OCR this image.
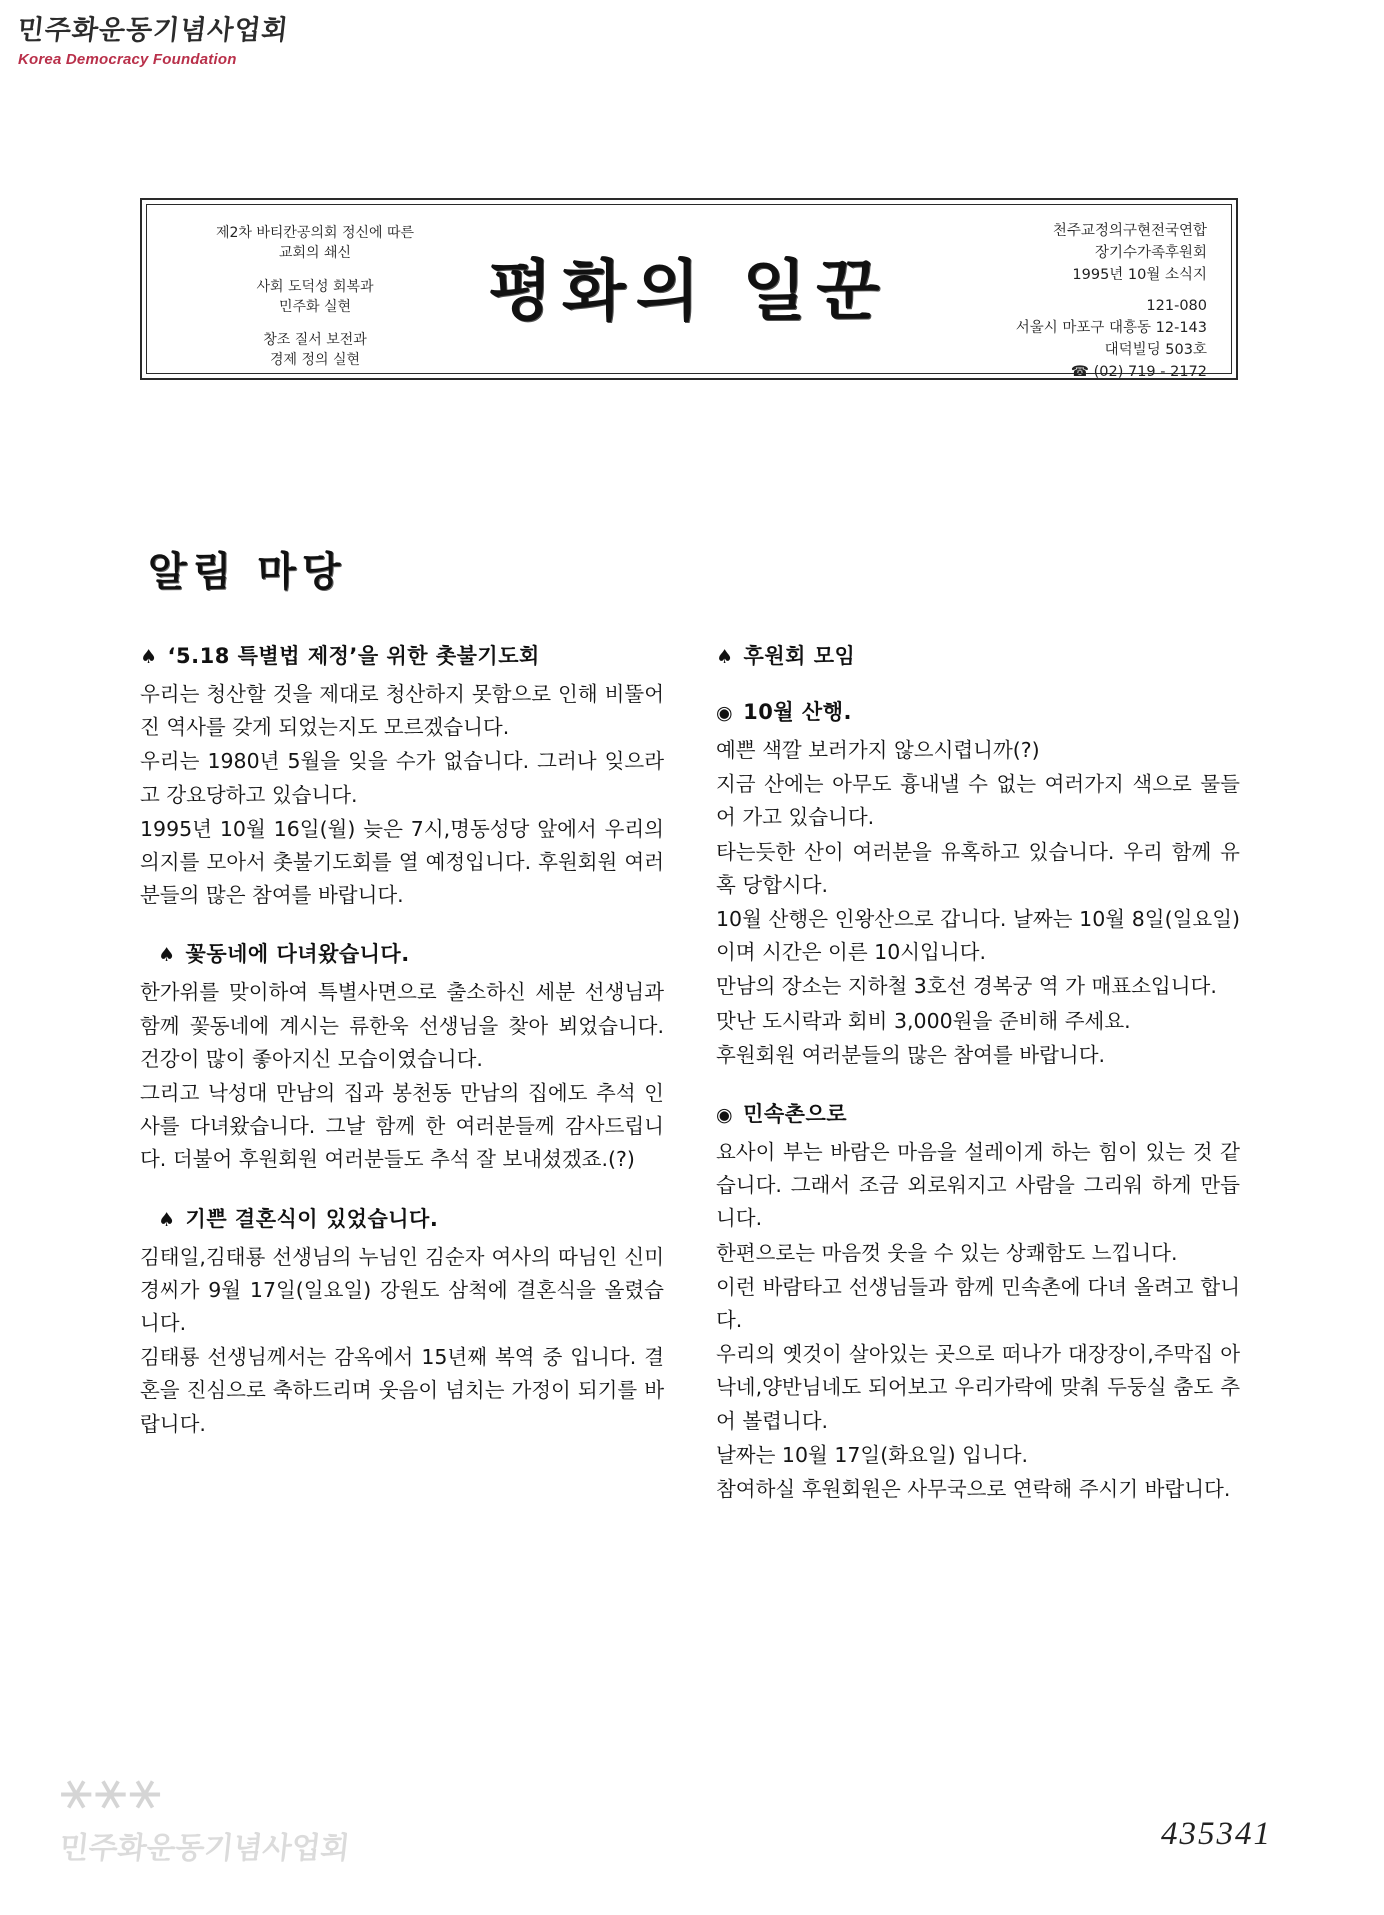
민주화운동기념사업회
Korea Democracy Foundation
제2차 바티칸공의회 정신에 따른
교회의 쇄신
사회 도덕성 회복과
민주화 실현
창조 질서 보전과
경제 정의 실현
평화의 일꾼
천주교정의구현전국연합
장기수가족후원회
1995년 10월 소식지
121-080
서울시 마포구 대흥동 12-143
대덕빌딩 503호
☎ (02) 719 - 2172
알림 마당
♠ ‘5.18 특별법 제정’을 위한 촛불기도회

우리는 청산할 것을 제대로 청산하지 못함으로 인해 비뚤어진 역사를 갖게 되었는지도 모르겠습니다.

우리는 1980년 5월을 잊을 수가 없습니다. 그러나 잊으라고 강요당하고 있습니다.

1995년 10월 16일(월) 늦은 7시,명동성당 앞에서 우리의 의지를 모아서 촛불기도회를 열 예정입니다. 후원회원 여러분들의 많은 참여를 바랍니다.

♠ 꽃동네에 다녀왔습니다.

한가위를 맞이하여 특별사면으로 출소하신 세분 선생님과 함께 꽃동네에 계시는 류한욱 선생님을 찾아 뵈었습니다. 건강이 많이 좋아지신 모습이였습니다.

그리고 낙성대 만남의 집과 봉천동 만남의 집에도 추석 인사를 다녀왔습니다. 그날 함께 한 여러분들께 감사드립니다. 더불어 후원회원 여러분들도 추석 잘 보내셨겠죠.(?)

♠ 기쁜 결혼식이 있었습니다.

김태일,김태룡 선생님의 누님인 김순자 여사의 따님인 신미경씨가 9월 17일(일요일) 강원도 삼척에 결혼식을 올렸습니다.

김태룡 선생님께서는 감옥에서 15년째 복역 중 입니다. 결혼을 진심으로 축하드리며 웃음이 넘치는 가정이 되기를 바랍니다.

♠ 후원회 모임
◉ 10월 산행.

예쁜 색깔 보러가지 않으시렵니까(?)

지금 산에는 아무도 흉내낼 수 없는 여러가지 색으로 물들어 가고 있습니다.

타는듯한 산이 여러분을 유혹하고 있습니다. 우리 함께 유혹 당합시다.

10월 산행은 인왕산으로 갑니다. 날짜는 10월 8일(일요일)이며 시간은 이른 10시입니다.

만남의 장소는 지하철 3호선 경복궁 역 가 매표소입니다.

맛난 도시락과 회비 3,000원을 준비해 주세요.

후원회원 여러분들의 많은 참여를 바랍니다.

◉ 민속촌으로

요사이 부는 바람은 마음을 설레이게 하는 힘이 있는 것 같습니다. 그래서 조금 외로워지고 사람을 그리워 하게 만듭니다.

한편으로는 마음껏 웃을 수 있는 상쾌함도 느낍니다.

이런 바람타고 선생님들과 함께 민속촌에 다녀 올려고 합니다.

우리의 옛것이 살아있는 곳으로 떠나가 대장장이,주막집 아낙네,양반님네도 되어보고 우리가락에 맞춰 두둥실 춤도 추어 볼렵니다.

날짜는 10월 17일(화요일) 입니다.

참여하실 후원회원은 사무국으로 연락해 주시기 바랍니다.

⚹⚹⚹
민주화운동기념사업회	435341
